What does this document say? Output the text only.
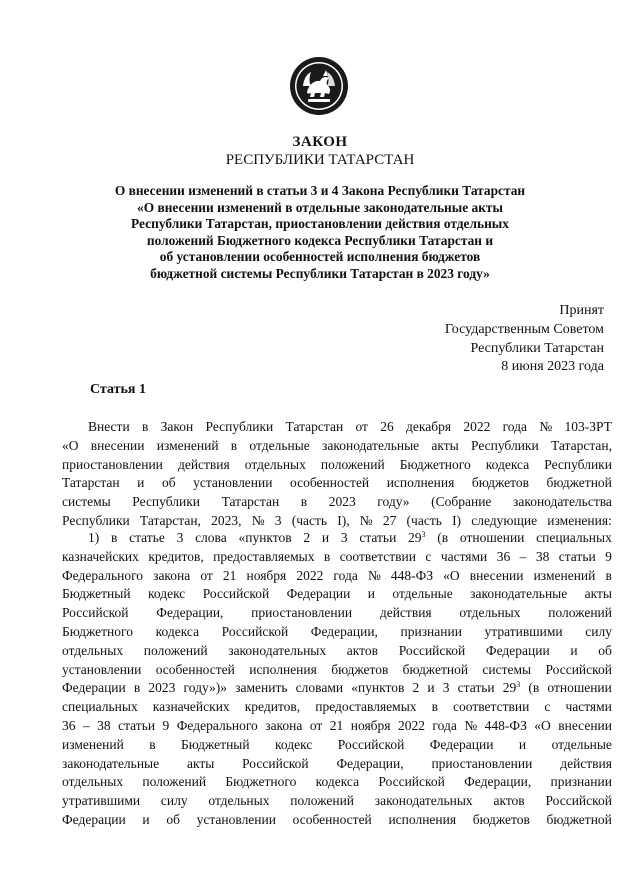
ЗАКОН
РЕСПУБЛИКИ ТАТАРСТАН
О внесении изменений в статьи 3 и 4 Закона Республики Татарстан
«О внесении изменений в отдельные законодательные акты
Республики Татарстан, приостановлении действия отдельных
положений Бюджетного кодекса Республики Татарстан и
об установлении особенностей исполнения бюджетов
бюджетной системы Республики Татарстан в 2023 году»
Принят
Государственным Советом
Республики Татарстан
8 июня 2023 года
Статья 1
Внести в Закон Республики Татарстан от 26 декабря 2022 года № 103-ЗРТ
«О внесении изменений в отдельные законодательные акты Республики Татарстан,
приостановлении действия отдельных положений Бюджетного кодекса Республики
Татарстан и об установлении особенностей исполнения бюджетов бюджетной
системы Республики Татарстан в 2023 году» (Собрание законодательства
Республики Татарстан, 2023, № 3 (часть I), № 27 (часть I) следующие изменения:
1) в статье 3 слова «пунктов 2 и 3 статьи $29^3$ (в отношении специальных
казначейских кредитов, предоставляемых в соответствии с частями 36 – 38 статьи 9
Федерального закона от 21 ноября 2022 года № 448-ФЗ «О внесении изменений в
Бюджетный кодекс Российской Федерации и отдельные законодательные акты
Российской Федерации, приостановлении действия отдельных положений
Бюджетного кодекса Российской Федерации, признании утратившими силу
отдельных положений законодательных актов Российской Федерации и об
установлении особенностей исполнения бюджетов бюджетной системы Российской
Федерации в 2023 году»)» заменить словами «пунктов 2 и 3 статьи $29^3$ (в отношении
специальных казначейских кредитов, предоставляемых в соответствии с частями
36 – 38 статьи 9 Федерального закона от 21 ноября 2022 года № 448-ФЗ «О внесении
изменений в Бюджетный кодекс Российской Федерации и отдельные
законодательные акты Российской Федерации, приостановлении действия
отдельных положений Бюджетного кодекса Российской Федерации, признании
утратившими силу отдельных положений законодательных актов Российской
Федерации и об установлении особенностей исполнения бюджетов бюджетной
